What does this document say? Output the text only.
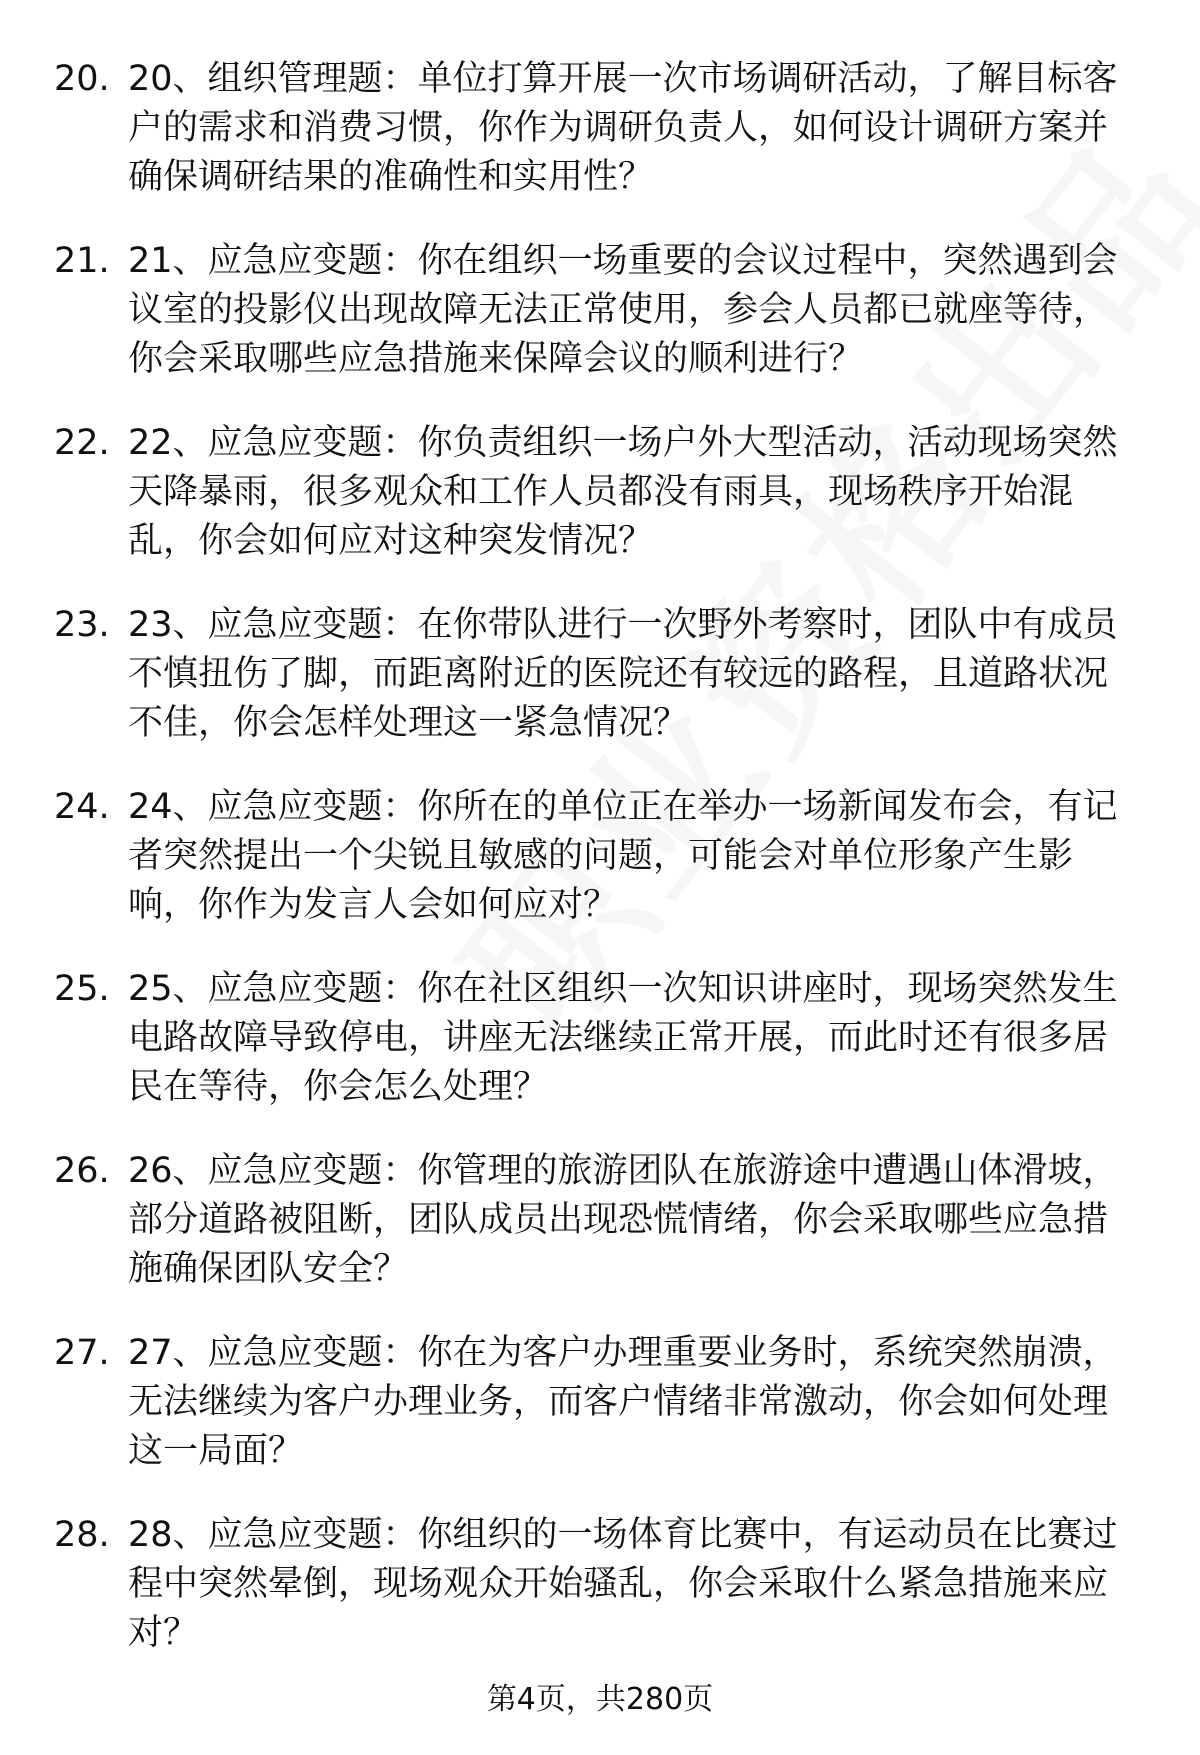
20. 20、组织管理题：单位打算开展一次市场调研活动，了解目标客
户的需求和消费习惯，你作为调研负责人，如何设计调研方案并
确保调研结果的准确性和实用性？
21. 21、应急应变题：你在组织一场重要的会议过程中，突然遇到会
议室的投影仪出现故障无法正常使用，参会人员都已就座等待，
你会采取哪些应急措施来保障会议的顺利进行？
22. 22、应急应变题：你负责组织一场户外大型活动，活动现场突然
天降暴雨，很多观众和工作人员都没有雨具，现场秩序开始混
乱，你会如何应对这种突发情况？
23. 23、应急应变题：在你带队进行一次野外考察时，团队中有成员
不慎扭伤了脚，而距离附近的医院还有较远的路程，且道路状况
不佳，你会怎样处理这一紧急情况？
24. 24、应急应变题：你所在的单位正在举办一场新闻发布会，有记
者突然提出一个尖锐且敏感的问题，可能会对单位形象产生影
响，你作为发言人会如何应对？
25. 25、应急应变题：你在社区组织一次知识讲座时，现场突然发生
电路故障导致停电，讲座无法继续正常开展，而此时还有很多居
民在等待，你会怎么处理？
26. 26、应急应变题：你管理的旅游团队在旅游途中遭遇山体滑坡，
部分道路被阻断，团队成员出现恐慌情绪，你会采取哪些应急措
施确保团队安全？
27. 27、应急应变题：你在为客户办理重要业务时，系统突然崩溃，
无法继续为客户办理业务，而客户情绪非常激动，你会如何处理
这一局面？
28. 28、应急应变题：你组织的一场体育比赛中，有运动员在比赛过
程中突然晕倒，现场观众开始骚乱，你会采取什么紧急措施来应
对？
第4页，共280页
